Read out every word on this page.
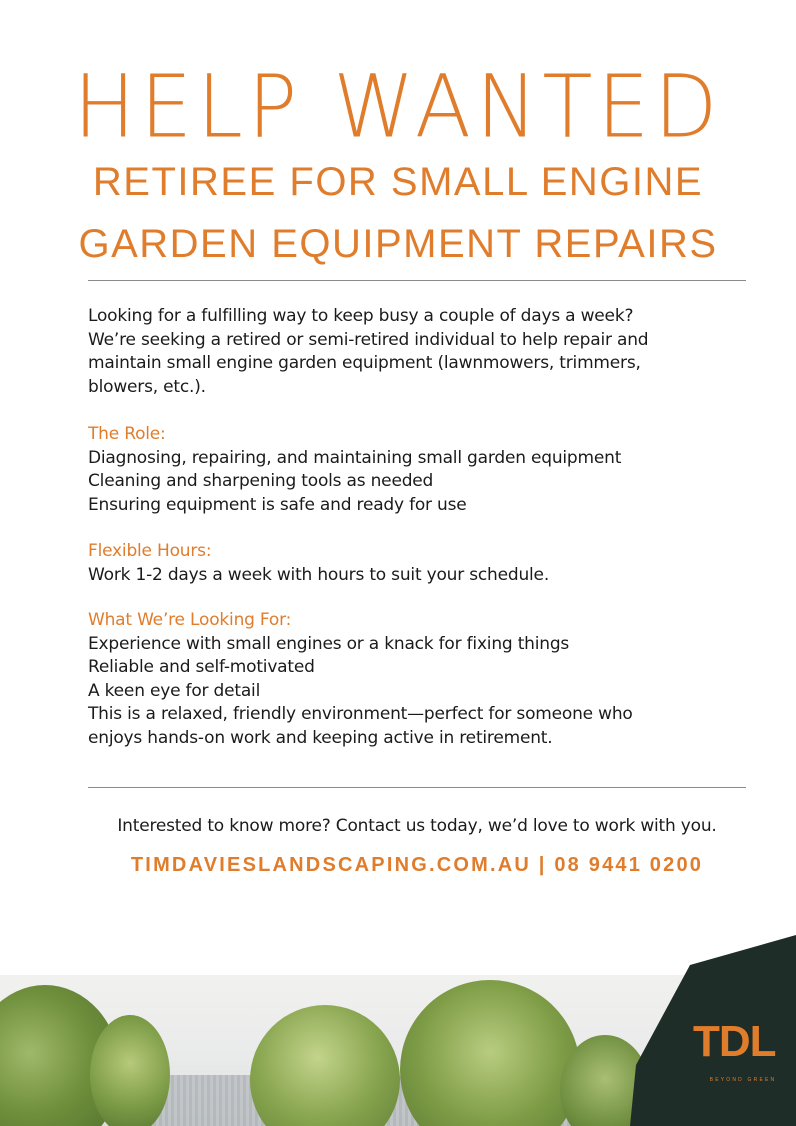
HELP WANTED
RETIREE FOR SMALL ENGINE
GARDEN EQUIPMENT REPAIRS
Looking for a fulfilling way to keep busy a couple of days a week?
We’re seeking a retired or semi-retired individual to help repair and
maintain small engine garden equipment (lawnmowers, trimmers,
blowers, etc.).
The Role:
Diagnosing, repairing, and maintaining small garden equipment
Cleaning and sharpening tools as needed
Ensuring equipment is safe and ready for use
Flexible Hours:
Work 1-2 days a week with hours to suit your schedule.
What We’re Looking For:
Experience with small engines or a knack for fixing things
Reliable and self-motivated
A keen eye for detail
This is a relaxed, friendly environment—perfect for someone who
enjoys hands-on work and keeping active in retirement.
Interested to know more? Contact us today, we’d love to work with you.
TIMDAVIESLANDSCAPING.COM.AU | 08 9441 0200
TDL
BEYOND GREEN
